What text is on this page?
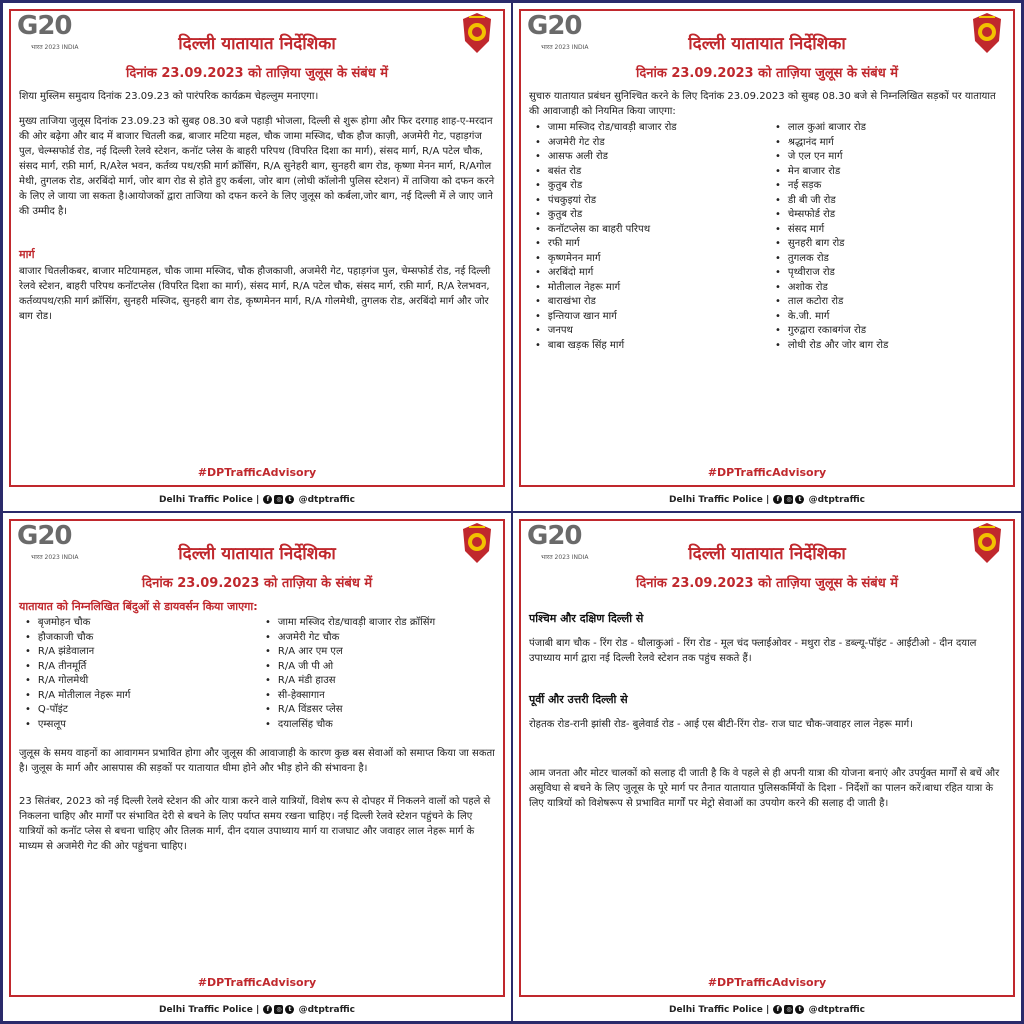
G20
भारत 2023 INDIA	दिल्ली यातायात निर्देशिका
दिनांक 23.09.2023 को ताज़िया जुलूस के संबंध में

शिया मुस्लिम समुदाय दिनांक 23.09.23 को पारंपरिक कार्यक्रम चेहल्लुम मनाएगा।

मुख्य ताजिया जुलूस दिनांक 23.09.23 को सुबह 08.30 बजे पहाड़ी भोजला, दिल्ली से शुरू होगा और फिर दरगाह शाह-ए-मरदान की ओर बढ़ेगा और बाद में बाजार चितली कब्र, बाजार मटिया महल, चौक जामा मस्जिद, चौक हौज काज़ी, अजमेरी गेट, पहाड़गंज पुल, चेल्म्सफोर्ड रोड, नई दिल्ली रेलवे स्टेशन, कनॉट प्लेस के बाहरी परिपथ (विपरित दिशा का मार्ग), संसद मार्ग, R/A पटेल चौक, संसद मार्ग, रफ़ी मार्ग, R/Aरेल भवन, कर्तव्य पथ/रफ़ी मार्ग क्रॉसिंग, R/A सुनेहरी बाग, सुनहरी बाग रोड, कृष्णा मेनन मार्ग, R/Aगोल मेथी, तुगलक रोड, अरबिंदो मार्ग, जोर बाग रोड से होते हुए कर्बला, जोर बाग (लोधी कॉलोनी पुलिस स्टेशन) में ताजिया को दफन करने के लिए ले जाया जा सकता है।आयोजकों द्वारा ताजिया को दफन करने के लिए जुलूस को कर्बला,जोर बाग, नई दिल्ली में ले जाए जाने की उम्मीद है।

मार्ग

बाजार चितलीकबर, बाजार मटियामहल, चौक जामा मस्जिद, चौक हौजकाजी, अजमेरी गेट, पहाड़गंज पुल, चेम्सफोर्ड रोड, नई दिल्ली रेलवे स्टेशन, बाहरी परिपथ कनॉटप्लेस (विपरित दिशा का मार्ग), संसद मार्ग, R/A पटेल चौक, संसद मार्ग, रफ़ी मार्ग, R/A रेलभवन, कर्तव्यपथ/रफ़ी मार्ग क्रॉसिंग, सुनहरी मस्जिद, सुनहरी बाग रोड, कृष्णमेनन मार्ग, R/A गोलमेथी, तुगलक रोड, अरबिंदो मार्ग और जोर बाग रोड।

#DPTrafficAdvisory
Delhi Traffic Police | f ◎ t @dtptraffic
G20
भारत 2023 INDIA	दिल्ली यातायात निर्देशिका
दिनांक 23.09.2023 को ताज़िया जुलूस के संबंध में

सुचारु यातायात प्रबंधन सुनिश्चित करने के लिए दिनांक 23.09.2023 को सुबह 08.30 बजे से निम्नलिखित सड़कों पर यातायात की आवाजाही को नियमित किया जाएगा:

• जामा मस्जिद रोड/चावड़ी बाजार रोड
• अजमेरी गेट रोड
• आसफ अली रोड
• बसंत रोड
• कुतुब रोड
• पंचकुइयां रोड
• कुतुब रोड
• कनॉटप्लेस का बाहरी परिपथ
• रफी मार्ग
• कृष्णमेनन मार्ग
• अरबिंदो मार्ग
• मोतीलाल नेहरू मार्ग
• बाराखंभा रोड
• इन्तियाज खान मार्ग
• जनपथ
• बाबा खड़क सिंह मार्ग
• लाल कुआं बाजार रोड
• श्रद्धानंद मार्ग
• जे एल एन मार्ग
• मेन बाजार रोड
• नई सड़क
• डी बी जी रोड
• चेम्सफोर्ड रोड
• संसद मार्ग
• सुनहरी बाग रोड
• तुगलक रोड
• पृथ्वीराज रोड
• अशोक रोड
• ताल कटोरा रोड
• के.जी. मार्ग
• गुरुद्वारा रकाबगंज रोड
• लोधी रोड और जोर बाग रोड
#DPTrafficAdvisory
Delhi Traffic Police | f ◎ t @dtptraffic
G20
भारत 2023 INDIA	दिल्ली यातायात निर्देशिका
दिनांक 23.09.2023 को ताज़िया के संबंध में
यातायात को निम्नलिखित बिंदुओं से डायवर्सन किया जाएगा:
• बृजमोहन चौक
• हौजकाजी चौक
• R/A झंडेवालान
• R/A तीनमूर्ति
• R/A गोलमेथी
• R/A मोतीलाल नेहरू मार्ग
• Q-पॉइंट
• एम्सलूप
• जामा मस्जिद रोड/चावड़ी बाजार रोड क्रॉसिंग
• अजमेरी गेट चौक
• R/A आर एम एल
• R/A जी पी ओ
• R/A मंडी हाउस
• सी-हेक्सागान
• R/A विंडसर प्लेस
• दयालसिंह चौक

जुलूस के समय वाहनों का आवागमन प्रभावित होगा और जुलूस की आवाजाही के कारण कुछ बस सेवाओं को समाप्त किया जा सकता है। जुलूस के मार्ग और आसपास की सड़कों पर यातायात धीमा होने और भीड़ होने की संभावना है।

23 सितंबर, 2023 को नई दिल्ली रेलवे स्टेशन की ओर यात्रा करने वाले यात्रियों, विशेष रूप से दोपहर में निकलने वालों को पहले से निकलना चाहिए और मार्गों पर संभावित देरी से बचने के लिए पर्याप्त समय रखना चाहिए। नई दिल्ली रेलवे स्टेशन पहुंचने के लिए यात्रियों को कनॉट प्लेस से बचना चाहिए और तिलक मार्ग, दीन दयाल उपाध्याय मार्ग या राजघाट और जवाहर लाल नेहरू मार्ग के माध्यम से अजमेरी गेट की ओर पहुंचना चाहिए।

#DPTrafficAdvisory
Delhi Traffic Police | f ◎ t @dtptraffic
G20
भारत 2023 INDIA	दिल्ली यातायात निर्देशिका
दिनांक 23.09.2023 को ताज़िया जुलूस के संबंध में
पश्चिम और दक्षिण दिल्ली से

पंजाबी बाग चौक - रिंग रोड - धौलाकुआं - रिंग रोड - मूल चंद फ्लाईओवर - मथुरा रोड - डब्ल्यू-पॉइंट - आईटीओ - दीन दयाल उपाध्याय मार्ग द्वारा नई दिल्ली रेलवे स्टेशन तक पहुंच सकते हैं।

पूर्वी और उत्तरी दिल्ली से

रोहतक रोड-रानी झांसी रोड- बुलेवार्ड रोड - आई एस बीटी-रिंग रोड- राज घाट चौक-जवाहर लाल नेहरू मार्ग।

आम जनता और मोटर चालकों को सलाह दी जाती है कि वे पहले से ही अपनी यात्रा की योजना बनाएं और उपर्युक्त मार्गों से बचें और असुविधा से बचने के लिए जुलूस के पूरे मार्ग पर तैनात यातायात पुलिसकर्मियों के दिशा - निर्देशों का पालन करें।बाधा रहित यात्रा के लिए यात्रियों को विशेषरूप से प्रभावित मार्गों पर मेट्रो सेवाओं का उपयोग करने की सलाह दी जाती है।

#DPTrafficAdvisory
Delhi Traffic Police | f ◎ t @dtptraffic
